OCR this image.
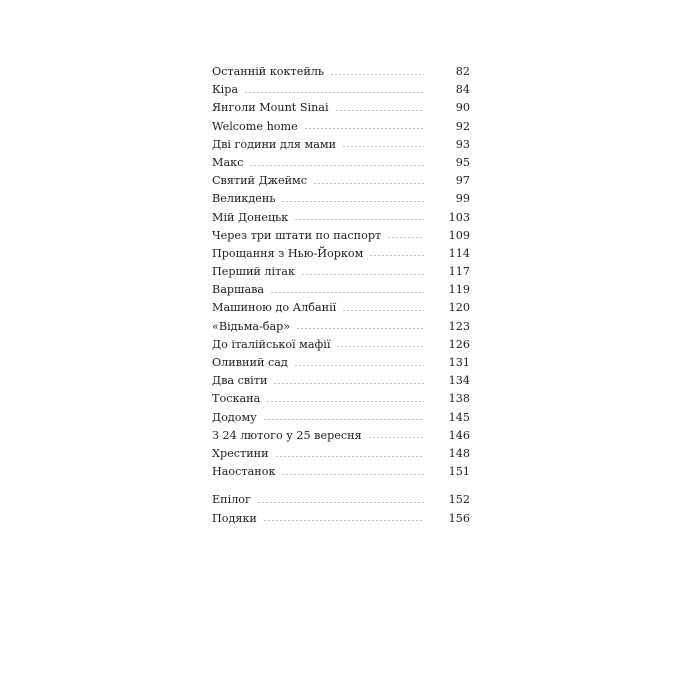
Останній коктейль	82
Кіра	84
Янголи Mount Sinai	90
Welcome home	92
Дві години для мами	93
Макс	95
Святий Джеймс	97
Великдень	99
Мій Донецьк	103
Через три штати по паспорт	109
Прощання з Нью-Йорком	114
Перший літак	117
Варшава	119
Машиною до Албанії	120
«Відьма-бар»	123
До італійської мафії	126
Оливний сад	131
Два світи	134
Тоскана	138
Додому	145
З 24 лютого у 25 вересня	146
Хрестини	148
Наостанок	151
Епілог	152
Подяки	156
